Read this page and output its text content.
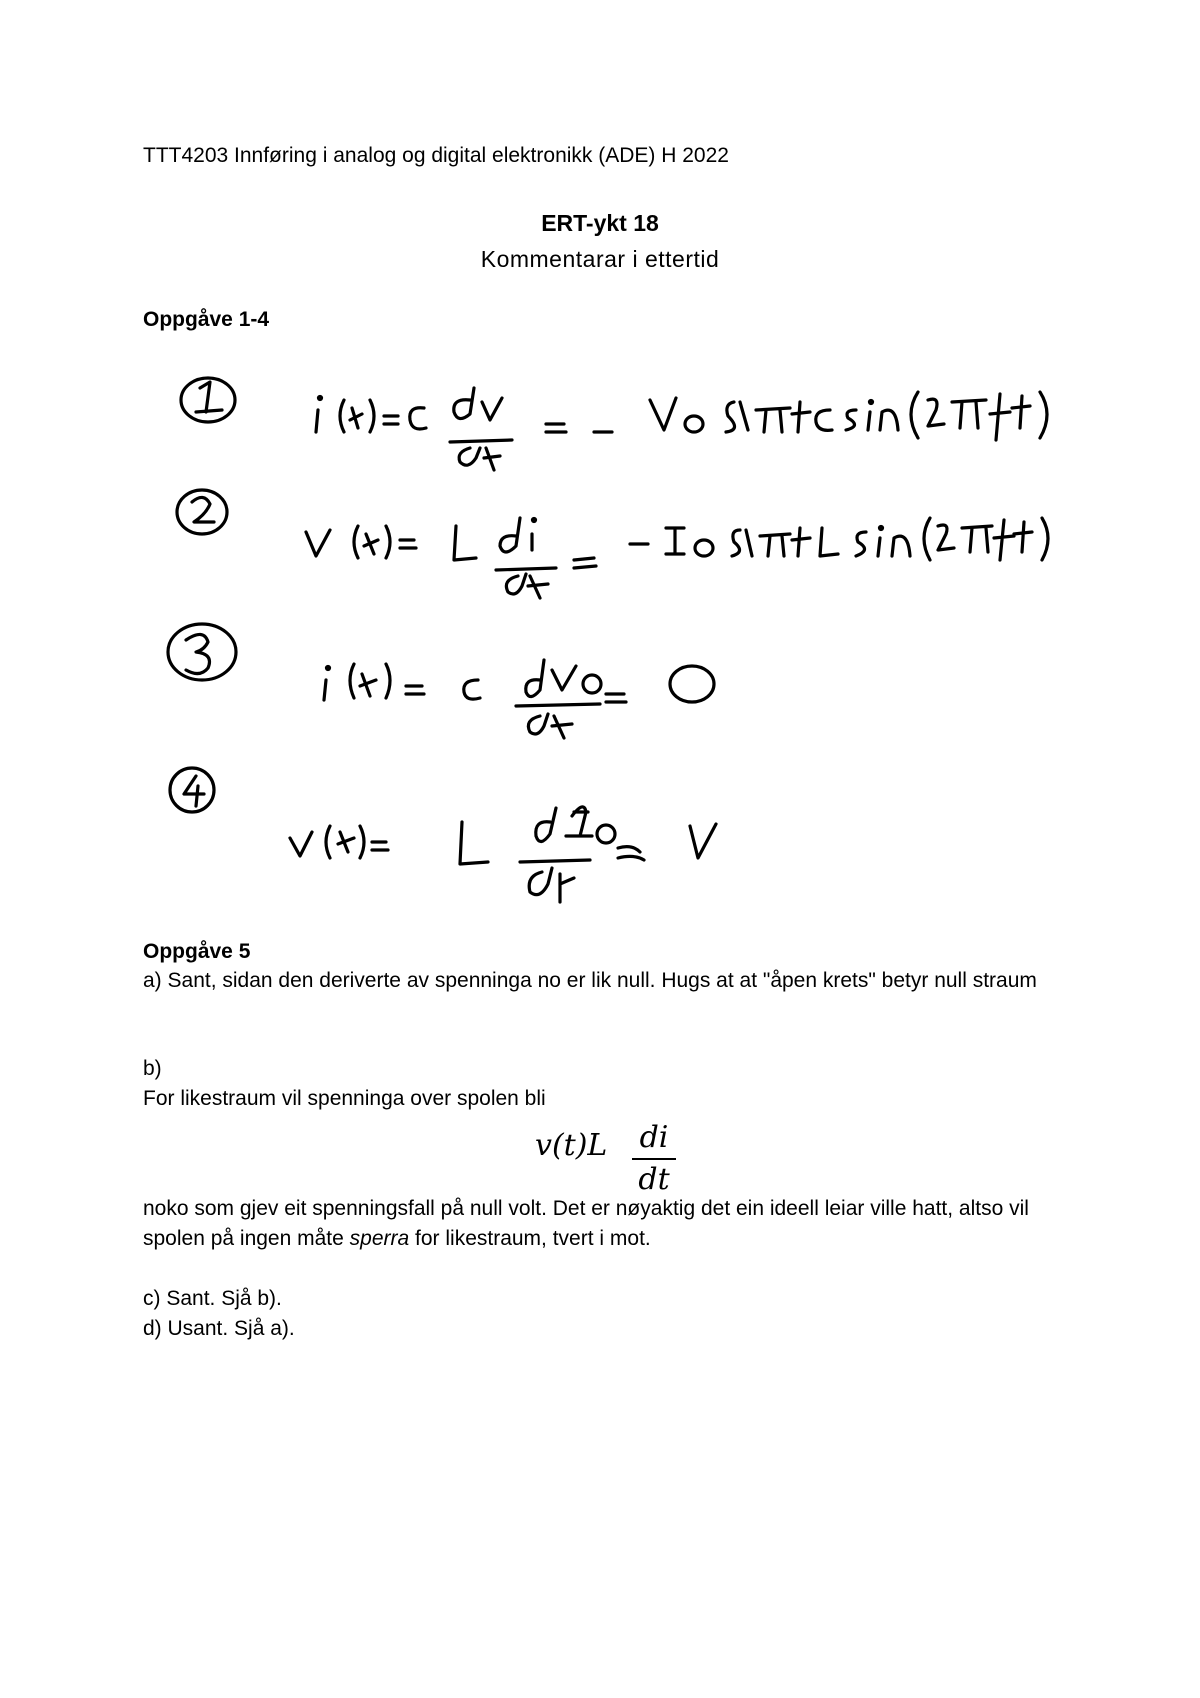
TTT4203 Innføring i analog og digital elektronikk (ADE) H 2022
ERT-ykt 18
Kommentarar i ettertid
Oppgåve 1-4
Oppgåve 5
a) Sant, sidan den deriverte av spenninga no er lik null. Hugs at at "åpen krets" betyr null straum
b)
For likestraum vil spenninga over spolen bli
v(t)L di
dt
noko som gjev eit spenningsfall på null volt. Det er nøyaktig det ein ideell leiar ville hatt, altso vil spolen på ingen måte sperra for likestraum, tvert i mot.
c) Sant. Sjå b).
d) Usant. Sjå a).
